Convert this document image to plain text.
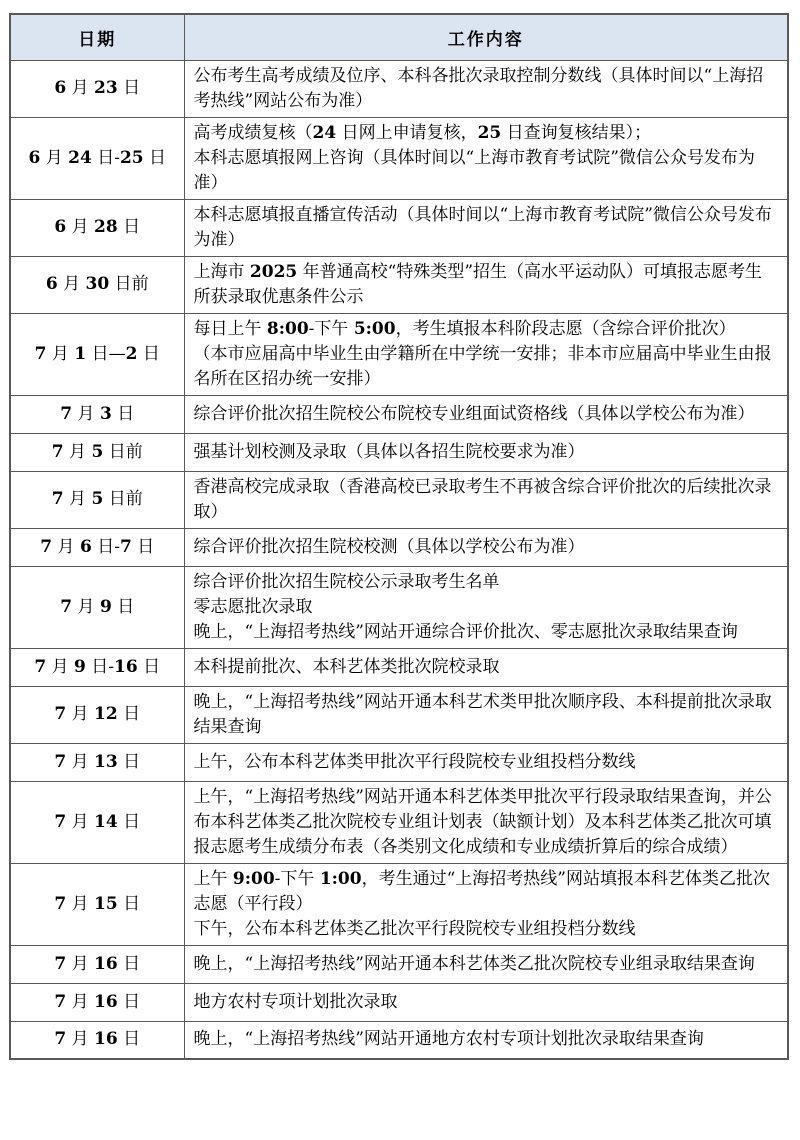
日期	工作内容
6 月 23 日	公布考生高考成绩及位序、本科各批次录取控制分数线（具体时间以“上海招考热线”网站公布为准）

6 月 24 日-25 日	高考成绩复核（24 日网上申请复核，25 日查询复核结果）；
本科志愿填报网上咨询（具体时间以“上海市教育考试院”微信公众号发布为准）

6 月 28 日	本科志愿填报直播宣传活动（具体时间以“上海市教育考试院”微信公众号发布为准）

6 月 30 日前	上海市 2025 年普通高校“特殊类型”招生（高水平运动队）可填报志愿考生所获录取优惠条件公示

7 月 1 日—2 日	每日上午 8:00-下午 5:00，考生填报本科阶段志愿（含综合评价批次）
（本市应届高中毕业生由学籍所在中学统一安排；非本市应届高中毕业生由报名所在区招办统一安排）

7 月 3 日	综合评价批次招生院校公布院校专业组面试资格线（具体以学校公布为准）

7 月 5 日前	强基计划校测及录取（具体以各招生院校要求为准）

7 月 5 日前	香港高校完成录取（香港高校已录取考生不再被含综合评价批次的后续批次录取）

7 月 6 日-7 日	综合评价批次招生院校校测（具体以学校公布为准）

7 月 9 日	综合评价批次招生院校公示录取考生名单
零志愿批次录取
晚上，“上海招考热线”网站开通综合评价批次、零志愿批次录取结果查询

7 月 9 日-16 日	本科提前批次、本科艺体类批次院校录取

7 月 12 日	晚上，“上海招考热线”网站开通本科艺术类甲批次顺序段、本科提前批次录取结果查询

7 月 13 日	上午，公布本科艺体类甲批次平行段院校专业组投档分数线

7 月 14 日	上午，“上海招考热线”网站开通本科艺体类甲批次平行段录取结果查询，并公布本科艺体类乙批次院校专业组计划表（缺额计划）及本科艺体类乙批次可填报志愿考生成绩分布表（各类别文化成绩和专业成绩折算后的综合成绩）

7 月 15 日	上午 9:00-下午 1:00，考生通过“上海招考热线”网站填报本科艺体类乙批次志愿（平行段）
下午，公布本科艺体类乙批次平行段院校专业组投档分数线

7 月 16 日	晚上，“上海招考热线”网站开通本科艺体类乙批次院校专业组录取结果查询

7 月 16 日	地方农村专项计划批次录取

7 月 16 日	晚上，“上海招考热线”网站开通地方农村专项计划批次录取结果查询
